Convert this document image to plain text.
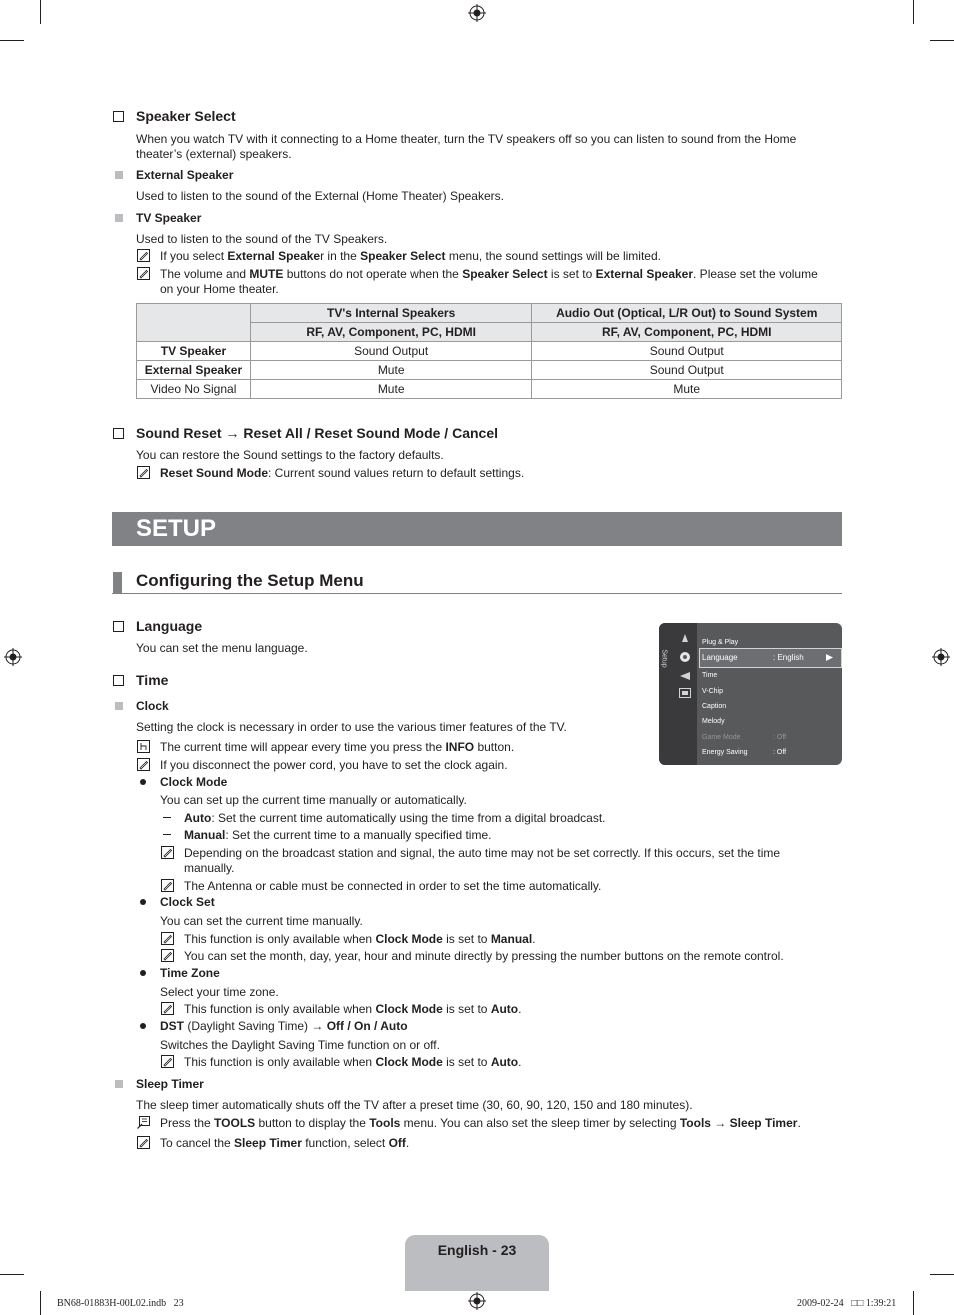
Speaker Select
When you watch TV with it connecting to a Home theater, turn the TV speakers off so you can listen to sound from the Home
theater’s (external) speakers.
External Speaker
Used to listen to the sound of the External (Home Theater) Speakers.
TV Speaker
Used to listen to the sound of the TV Speakers.
If you select External Speaker in the Speaker Select menu, the sound settings will be limited.
The volume and MUTE buttons do not operate when the Speaker Select is set to External Speaker. Please set the volume
on your Home theater.
	TV's Internal Speakers	Audio Out (Optical, L/R Out) to Sound System
	RF, AV, Component, PC, HDMI	RF, AV, Component, PC, HDMI
TV Speaker	Sound Output	Sound Output
External Speaker	Mute	Sound Output
Video No Signal	Mute	Mute
Sound Reset → Reset All / Reset Sound Mode / Cancel
You can restore the Sound settings to the factory defaults.
Reset Sound Mode: Current sound values return to default settings.
SETUP
Configuring the Setup Menu
Language
You can set the menu language.
Setup
Plug & Play
Language	: English
Time
V-Chip
Caption
Melody
Game Mode	: Off
Energy Saving	: Off
Time
Clock
Setting the clock is necessary in order to use the various timer features of the TV.
The current time will appear every time you press the INFO button.
If you disconnect the power cord, you have to set the clock again.
Clock Mode
You can set up the current time manually or automatically.
Auto: Set the current time automatically using the time from a digital broadcast.
Manual: Set the current time to a manually specified time.
Depending on the broadcast station and signal, the auto time may not be set correctly. If this occurs, set the time
manually.
The Antenna or cable must be connected in order to set the time automatically.
Clock Set
You can set the current time manually.
This function is only available when Clock Mode is set to Manual.
You can set the month, day, year, hour and minute directly by pressing the number buttons on the remote control.
Time Zone
Select your time zone.
This function is only available when Clock Mode is set to Auto.
DST (Daylight Saving Time) → Off / On / Auto
Switches the Daylight Saving Time function on or off.
This function is only available when Clock Mode is set to Auto.
Sleep Timer
The sleep timer automatically shuts off the TV after a preset time (30, 60, 90, 120, 150 and 180 minutes).
Press the TOOLS button to display the Tools menu. You can also set the sleep timer by selecting Tools → Sleep Timer.
To cancel the Sleep Timer function, select Off.
English - 23
BN68-01883H-00L02.indb   23	2009-02-24   □□ 1:39:21
